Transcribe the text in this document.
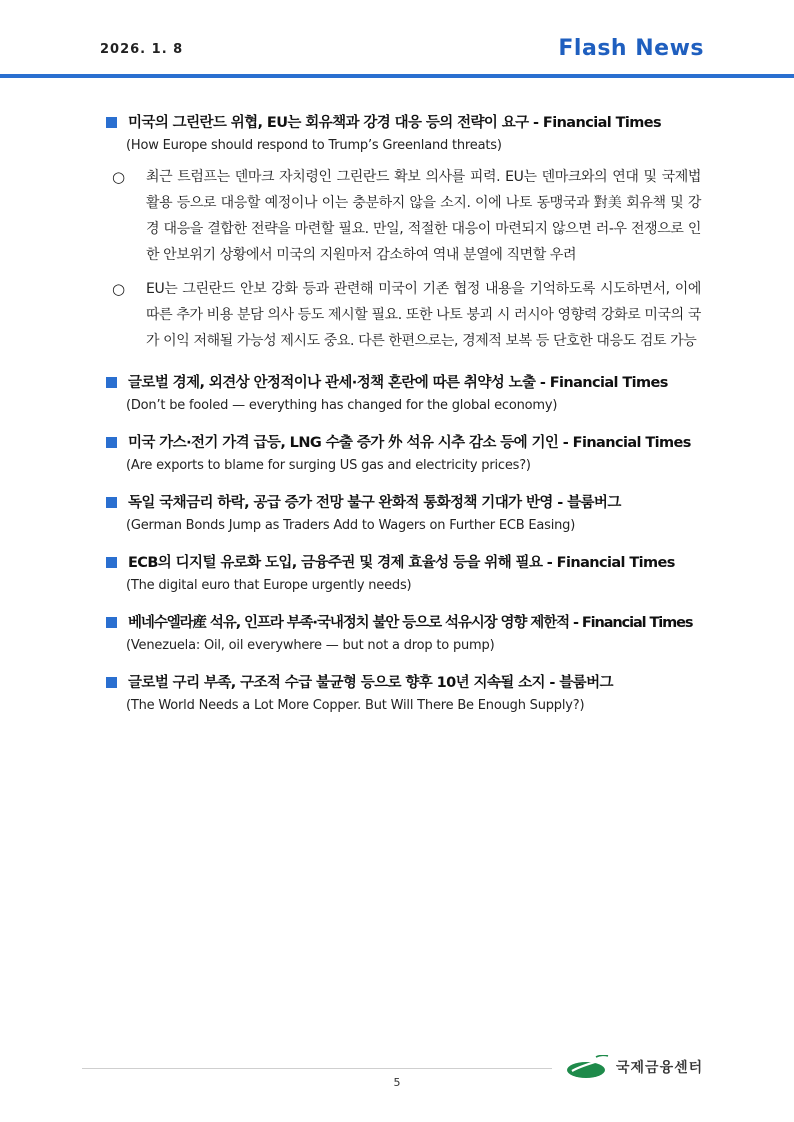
2026. 1. 8	Flash News
미국의 그린란드 위협, EU는 회유책과 강경 대응 등의 전략이 요구 - Financial Times
(How Europe should respond to Trump’s Greenland threats)
○ 최근 트럼프는 덴마크 자치령인 그린란드 확보 의사를 피력. EU는 덴마크와의 연대 및 국제법 활용 등으로 대응할 예정이나 이는 충분하지 않을 소지. 이에 나토 동맹국과 對美 회유책 및 강경 대응을 결합한 전략을 마련할 필요. 만일, 적절한 대응이 마련되지 않으면 러-우 전쟁으로 인한 안보위기 상황에서 미국의 지원마저 감소하여 역내 분열에 직면할 우려
○ EU는 그린란드 안보 강화 등과 관련해 미국이 기존 협정 내용을 기억하도록 시도하면서, 이에 따른 추가 비용 분담 의사 등도 제시할 필요. 또한 나토 붕괴 시 러시아 영향력 강화로 미국의 국가 이익 저해될 가능성 제시도 중요. 다른 한편으로는, 경제적 보복 등 단호한 대응도 검토 가능
글로벌 경제, 외견상 안정적이나 관세·정책 혼란에 따른 취약성 노출 - Financial Times
(Don’t be fooled — everything has changed for the global economy)
미국 가스·전기 가격 급등, LNG 수출 증가 外 석유 시추 감소 등에 기인 - Financial Times
(Are exports to blame for surging US gas and electricity prices?)
독일 국채금리 하락, 공급 증가 전망 불구 완화적 통화정책 기대가 반영 - 블룸버그
(German Bonds Jump as Traders Add to Wagers on Further ECB Easing)
ECB의 디지털 유로화 도입, 금융주권 및 경제 효율성 등을 위해 필요 - Financial Times
(The digital euro that Europe urgently needs)
베네수엘라産 석유, 인프라 부족·국내정치 불안 등으로 석유시장 영향 제한적 - Financial Times
(Venezuela: Oil, oil everywhere — but not a drop to pump)
글로벌 구리 부족, 구조적 수급 불균형 등으로 향후 10년 지속될 소지 - 블룸버그
(The World Needs a Lot More Copper. But Will There Be Enough Supply?)
5
국제금융센터
